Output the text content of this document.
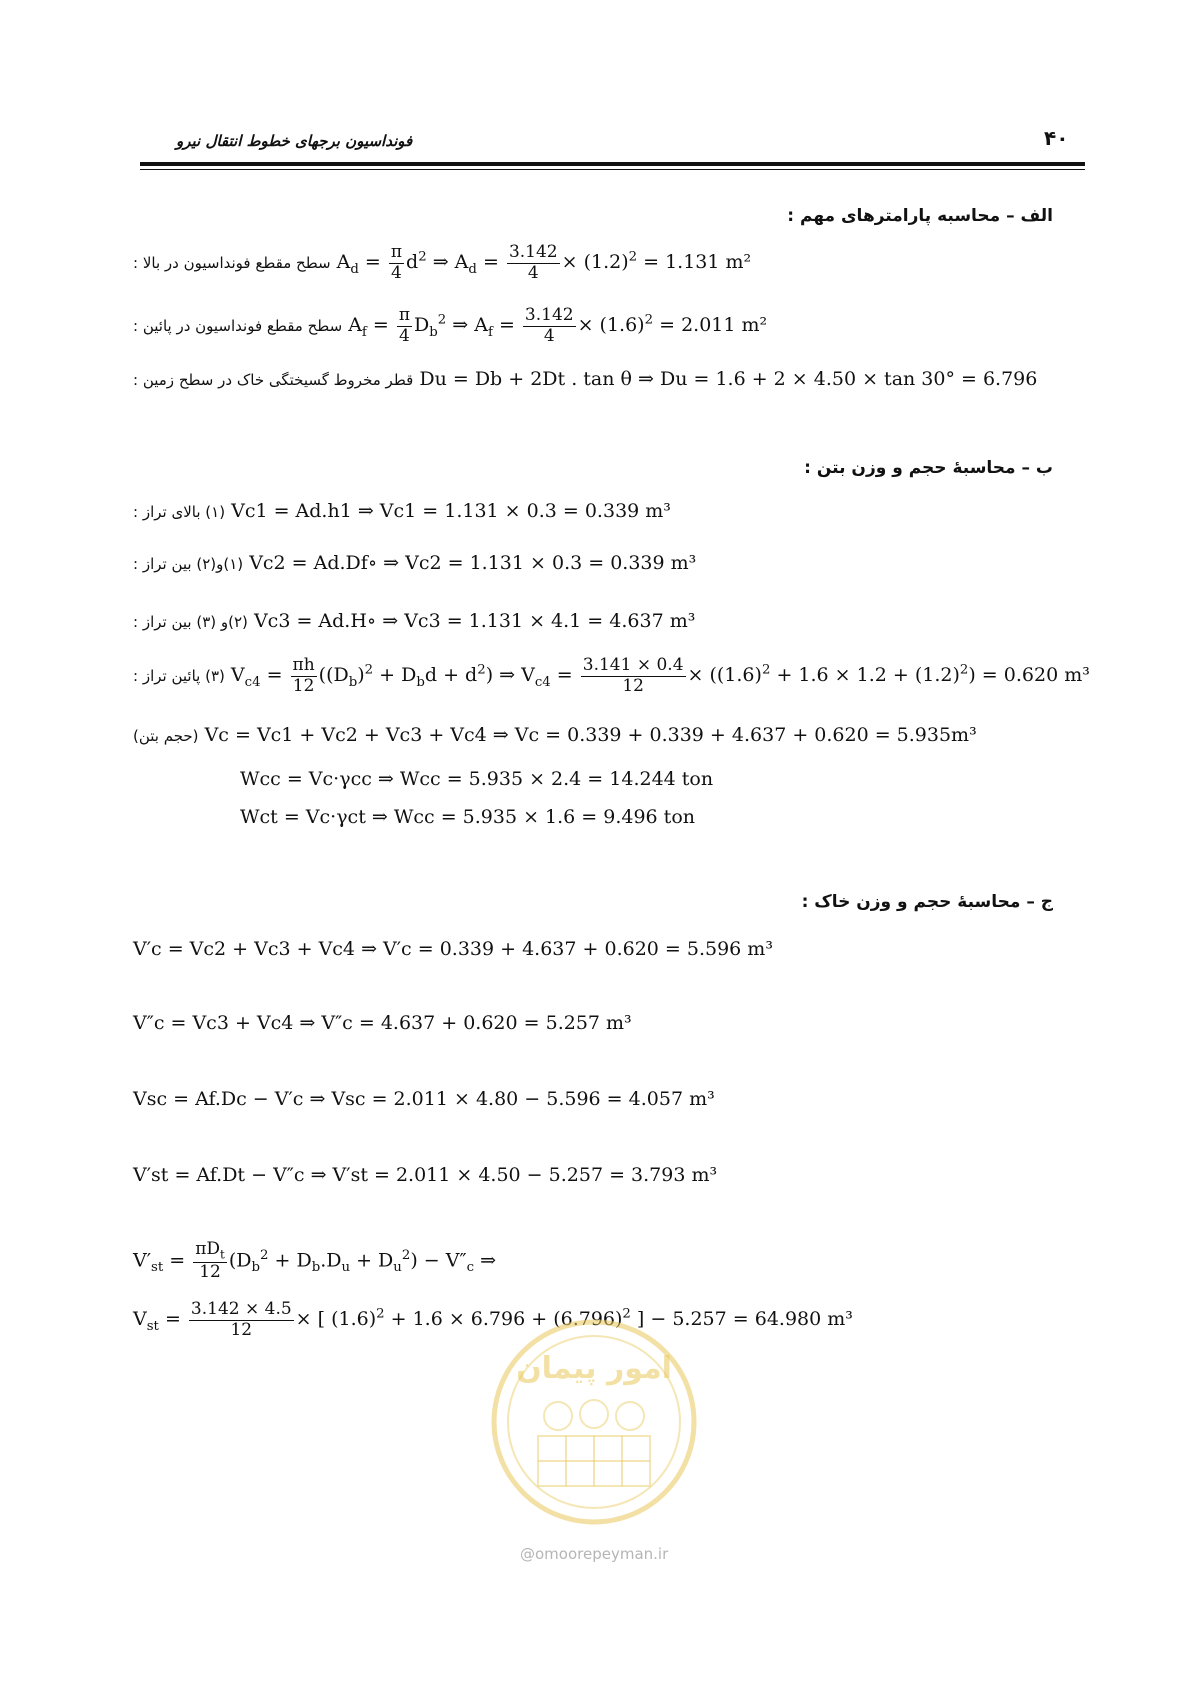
فونداسیون برجهای خطوط انتقال نیرو	۴۰
الف – محاسبه پارامترهای مهم :
سطح مقطع فونداسیون در بالا : $A_d = \frac{\pi}{4} d^2$ ⇒ $A_d = \frac{3.142}{4} \times (1.2)^2 = 1.131$ m²
سطح مقطع فونداسیون در پائین : $A_f = \frac{\pi}{4} D_b^2$ ⇒ $A_f = \frac{3.142}{4} \times (1.6)^2 = 2.011$ m²
قطر مخروط گسیختگی خاک در سطح زمین : Du = Db + 2Dt . tan θ ⇒ Du = 1.6 + 2 × 4.50 × tan 30° = 6.796
ب – محاسبهٔ حجم و وزن بتن :
(۱) بالای تراز : Vc1 = Ad.h1 ⇒ Vc1 = 1.131 × 0.3 = 0.339 m³
(۱)و(۲) بین تراز : Vc2 = Ad.Df∘ ⇒ Vc2 = 1.131 × 0.3 = 0.339 m³
(۲)و (۳) بین تراز : Vc3 = Ad.H∘ ⇒ Vc3 = 1.131 × 4.1 = 4.637 m³
(۳) پائین تراز : $V_{c4} = \frac{\pi h}{12} ((D_b)^2 + D_bd + d^2)$ ⇒ $V_{c4} = \frac{3.141 \times 0.4}{12} \times ((1.6)^2 + 1.6 \times 1.2 + (1.2)^2) = 0.620$ m³
(حجم بتن) Vc = Vc1 + Vc2 + Vc3 + Vc4 ⇒ Vc = 0.339 + 0.339 + 4.637 + 0.620 = 5.935m³
Wcc = Vc·γcc ⇒ Wcc = 5.935 × 2.4 = 14.244 ton
Wct = Vc·γct ⇒ Wcc = 5.935 × 1.6 = 9.496 ton
ج – محاسبهٔ حجم و وزن خاک :
V′c = Vc2 + Vc3 + Vc4 ⇒ V′c = 0.339 + 4.637 + 0.620 = 5.596 m³
V″c = Vc3 + Vc4 ⇒ V″c = 4.637 + 0.620 = 5.257 m³
Vsc = Af.Dc − V′c ⇒ Vsc = 2.011 × 4.80 − 5.596 = 4.057 m³
V′st = Af.Dt − V″c ⇒ V′st = 2.011 × 4.50 − 5.257 = 3.793 m³
$V'_{st} = \frac{\pi D_t}{12} (D_b^2 + D_b.D_u + D_u^2) - V''_c$ ⇒
$V_{st} = \frac{3.142 \times 4.5}{12}$ × [ $(1.6)^2 + 1.6 \times 6.796 + (6.796)^2$ ] − 5.257 = 64.980 m³
امور پیمان
@omoorepeyman.ir
